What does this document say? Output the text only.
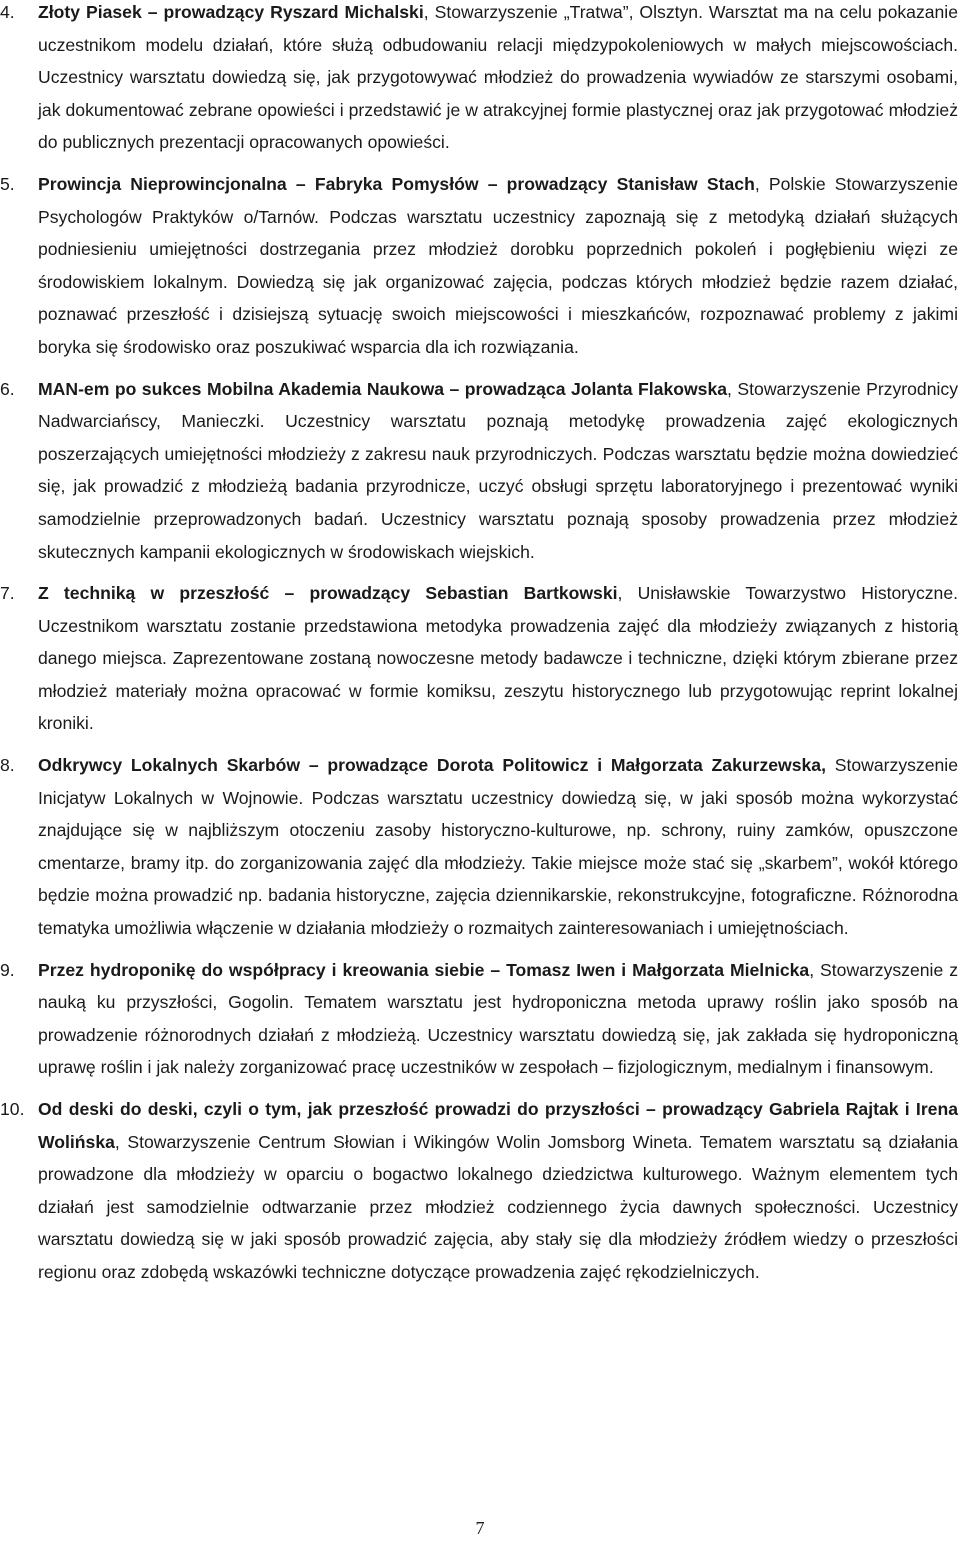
4. Złoty Piasek – prowadzący Ryszard Michalski, Stowarzyszenie „Tratwa”, Olsztyn. Warsztat ma na celu pokazanie uczestnikom modelu działań, które służą odbudowaniu relacji międzypokoleniowych w małych miejscowościach. Uczestnicy warsztatu dowiedzą się, jak przygotowywać młodzież do prowadzenia wywiadów ze starszymi osobami, jak dokumentować zebrane opowieści i przedstawić je w atrakcyjnej formie plastycznej oraz jak przygotować młodzież do publicznych prezentacji opracowanych opowieści.
5. Prowincja Nieprowincjonalna – Fabryka Pomysłów – prowadzący Stanisław Stach, Polskie Stowarzyszenie Psychologów Praktyków o/Tarnów. Podczas warsztatu uczestnicy zapoznają się z metodyką działań służących podniesieniu umiejętności dostrzegania przez młodzież dorobku poprzednich pokoleń i pogłębieniu więzi ze środowiskiem lokalnym. Dowiedzą się jak organizować zajęcia, podczas których młodzież będzie razem działać, poznawać przeszłość i dzisiejszą sytuację swoich miejscowości i mieszkańców, rozpoznawać problemy z jakimi boryka się środowisko oraz poszukiwać wsparcia dla ich rozwiązania.
6. MAN-em po sukces Mobilna Akademia Naukowa – prowadząca Jolanta Flakowska, Stowarzyszenie Przyrodnicy Nadwarciańscy, Manieczki. Uczestnicy warsztatu poznają metodykę prowadzenia zajęć ekologicznych poszerzających umiejętności młodzieży z zakresu nauk przyrodniczych. Podczas warsztatu będzie można dowiedzieć się, jak prowadzić z młodzieżą badania przyrodnicze, uczyć obsługi sprzętu laboratoryjnego i prezentować wyniki samodzielnie przeprowadzonych badań. Uczestnicy warsztatu poznają sposoby prowadzenia przez młodzież skutecznych kampanii ekologicznych w środowiskach wiejskich.
7. Z techniką w przeszłość – prowadzący Sebastian Bartkowski, Unisławskie Towarzystwo Historyczne. Uczestnikom warsztatu zostanie przedstawiona metodyka prowadzenia zajęć dla młodzieży związanych z historią danego miejsca. Zaprezentowane zostaną nowoczesne metody badawcze i techniczne, dzięki którym zbierane przez młodzież materiały można opracować w formie komiksu, zeszytu historycznego lub przygotowując reprint lokalnej kroniki.
8. Odkrywcy Lokalnych Skarbów – prowadzące Dorota Politowicz i Małgorzata Zakurzewska, Stowarzyszenie Inicjatyw Lokalnych w Wojnowie. Podczas warsztatu uczestnicy dowiedzą się, w jaki sposób można wykorzystać znajdujące się w najbliższym otoczeniu zasoby historyczno-kulturowe, np. schrony, ruiny zamków, opuszczone cmentarze, bramy itp. do zorganizowania zajęć dla młodzieży. Takie miejsce może stać się „skarbem”, wokół którego będzie można prowadzić np. badania historyczne, zajęcia dziennikarskie, rekonstrukcyjne, fotograficzne. Różnorodna tematyka umożliwia włączenie w działania młodzieży o rozmaitych zainteresowaniach i umiejętnościach.
9. Przez hydroponikę do współpracy i kreowania siebie – Tomasz Iwen i Małgorzata Mielnicka, Stowarzyszenie z nauką ku przyszłości, Gogolin. Tematem warsztatu jest hydroponiczna metoda uprawy roślin jako sposób na prowadzenie różnorodnych działań z młodzieżą. Uczestnicy warsztatu dowiedzą się, jak zakłada się hydroponiczną uprawę roślin i jak należy zorganizować pracę uczestników w zespołach – fizjologicznym, medialnym i finansowym.
10. Od deski do deski, czyli o tym, jak przeszłość prowadzi do przyszłości – prowadzący Gabriela Rajtak i Irena Wolińska, Stowarzyszenie Centrum Słowian i Wikingów Wolin Jomsborg Wineta. Tematem warsztatu są działania prowadzone dla młodzieży w oparciu o bogactwo lokalnego dziedzictwa kulturowego. Ważnym elementem tych działań jest samodzielnie odtwarzanie przez młodzież codziennego życia dawnych społeczności. Uczestnicy warsztatu dowiedzą się w jaki sposób prowadzić zajęcia, aby stały się dla młodzieży źródłem wiedzy o przeszłości regionu oraz zdobędą wskazówki techniczne dotyczące prowadzenia zajęć rękodzielniczych.
7
